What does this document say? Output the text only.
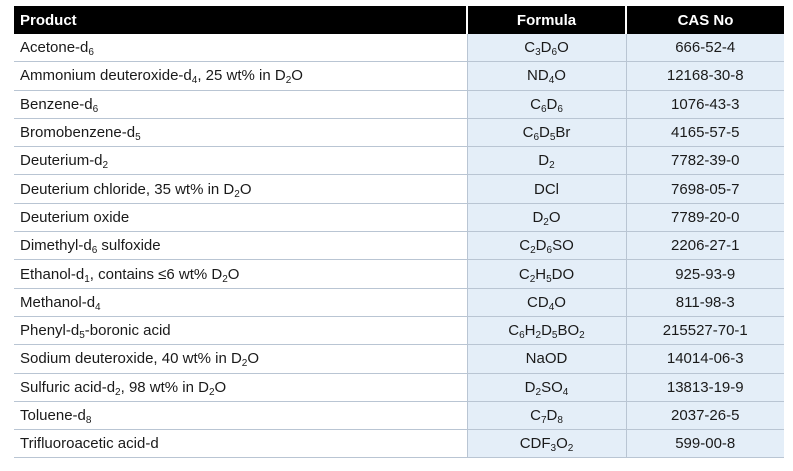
Product	Formula	CAS No
Acetone-$d_6$	$C_3D_6O$	666-52-4
Ammonium deuteroxide-$d_4$, 25 wt% in $D_2O$	$ND_4O$	12168-30-8
Benzene-$d_6$	$C_6D_6$	1076-43-3
Bromobenzene-$d_5$	$C_6D_5Br$	4165-57-5
Deuterium-$d_2$	$D_2$	7782-39-0
Deuterium chloride, 35 wt% in $D_2O$	DCl	7698-05-7
Deuterium oxide	$D_2O$	7789-20-0
Dimethyl-$d_6$ sulfoxide	$C_2D_6SO$	2206-27-1
Ethanol-$d_1$, contains ≤6 wt% $D_2O$	$C_2H_5DO$	925-93-9
Methanol-$d_4$	$CD_4O$	811-98-3
Phenyl-$d_5$-boronic acid	$C_6H_2D_5BO_2$	215527-70-1
Sodium deuteroxide, 40 wt% in $D_2O$	NaOD	14014-06-3
Sulfuric acid-$d_2$, 98 wt% in $D_2O$	$D_2SO_4$	13813-19-9
Toluene-$d_8$	$C_7D_8$	2037-26-5
Trifluoroacetic acid-d	$CDF_3O_2$	599-00-8
